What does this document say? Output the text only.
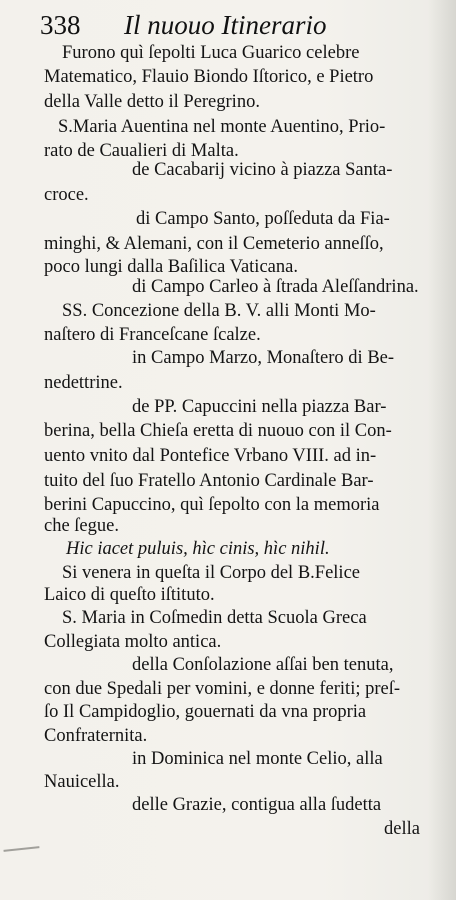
338 Il nuouo Itinerario
Furono quì ſepolti Luca Guarico celebre
Matematico, Flauio Biondo Iſtorico, e Pietro
della Valle detto il Peregrino.
S.Maria Auentina nel monte Auentino, Prio-
rato de Caualieri di Malta.
de Cacabarij vicino à piazza Santa-
croce.
di Campo Santo, poſſeduta da Fia-
minghi, & Alemani, con il Cemeterio anneſſo,
poco lungi dalla Baſilica Vaticana.
di Campo Carleo à ſtrada Aleſſandrina.
SS. Concezione della B. V. alli Monti Mo-
naſtero di Franceſcane ſcalze.
in Campo Marzo, Monaſtero di Be-
nedettrine.
de PP. Capuccini nella piazza Bar-
berina, bella Chieſa eretta di nuouo con il Con-
uento vnito dal Pontefice Vrbano VIII. ad in-
tuito del ſuo Fratello Antonio Cardinale Bar-
berini Capuccino, quì ſepolto con la memoria
che ſegue.
Hic iacet puluis, hìc cinis, hìc nihil.
Si venera in queſta il Corpo del B.Felice
Laico di queſto iſtituto.
S. Maria in Coſmedin detta Scuola Greca
Collegiata molto antica.
della Conſolazione aſſai ben tenuta,
con due Spedali per vomini, e donne feriti; preſ-
ſo Il Campidoglio, gouernati da vna propria
Confraternita.
in Dominica nel monte Celio, alla
Nauicella.
delle Grazie, contigua alla ſudetta
della
